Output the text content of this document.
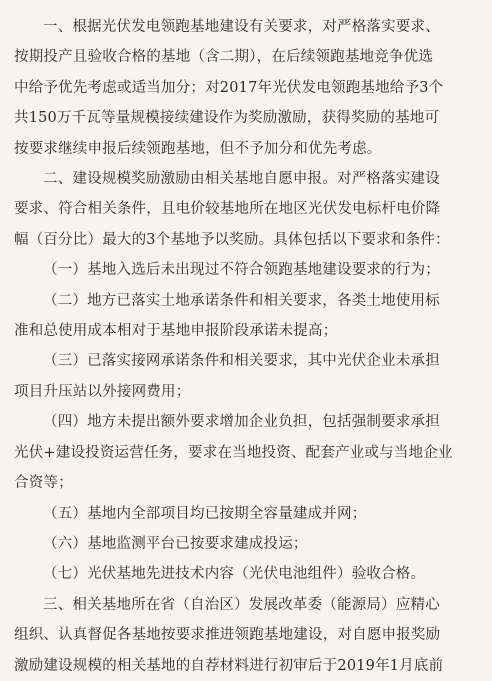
一、根据光伏发电领跑基地建设有关要求，对严格落实要求、
按期投产且验收合格的基地（含二期），在后续领跑基地竞争优选
中给予优先考虑或适当加分；对2017年光伏发电领跑基地给予3个
共150万千瓦等量规模接续建设作为奖励激励，获得奖励的基地可
按要求继续申报后续领跑基地，但不予加分和优先考虑。

二、建设规模奖励激励由相关基地自愿申报。对严格落实建设
要求、符合相关条件，且电价较基地所在地区光伏发电标杆电价降
幅（百分比）最大的3个基地予以奖励。具体包括以下要求和条件：

（一）基地入选后未出现过不符合领跑基地建设要求的行为；

（二）地方已落实土地承诺条件和相关要求，各类土地使用标
准和总使用成本相对于基地申报阶段承诺未提高；

（三）已落实接网承诺条件和相关要求，其中光伏企业未承担
项目升压站以外接网费用；

（四）地方未提出额外要求增加企业负担，包括强制要求承担
光伏+建设投资运营任务，要求在当地投资、配套产业或与当地企业
合资等；

（五）基地内全部项目均已按期全容量建成并网；

（六）基地监测平台已按要求建成投运；

（七）光伏基地先进技术内容（光伏电池组件）验收合格。

三、相关基地所在省（自治区）发展改革委（能源局）应精心
组织、认真督促各基地按要求推进领跑基地建设，对自愿申报奖励
激励建设规模的相关基地的自荐材料进行初审后于2019年1月底前
